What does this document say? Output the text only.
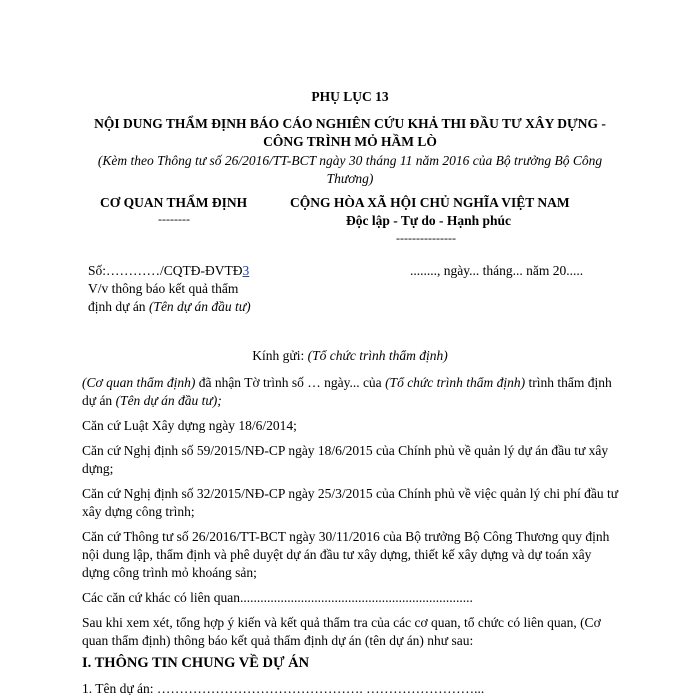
PHỤ LỤC 13
NỘI DUNG THẨM ĐỊNH BÁO CÁO NGHIÊN CỨU KHẢ THI ĐẦU TƯ XÂY DỰNG -
CÔNG TRÌNH MỎ HẦM LÒ
(Kèm theo Thông tư số 26/2016/TT-BCT ngày 30 tháng 11 năm 2016 của Bộ trưởng Bộ Công Thương)
CƠ QUAN THẨM ĐỊNH
--------
CỘNG HÒA XÃ HỘI CHỦ NGHĨA VIỆT NAM
Độc lập - Tự do - Hạnh phúc
---------------
Số:…………/CQTĐ-ĐVTĐ3	........, ngày... tháng... năm 20.....
V/v thông báo kết quả thẩm
định dự án (Tên dự án đầu tư)
Kính gửi: (Tổ chức trình thẩm định)
(Cơ quan thẩm định) đã nhận Tờ trình số … ngày... của (Tổ chức trình thẩm định) trình thẩm định dự án (Tên dự án đầu tư);
Căn cứ Luật Xây dựng ngày 18/6/2014;
Căn cứ Nghị định số 59/2015/NĐ-CP ngày 18/6/2015 của Chính phủ về quản lý dự án đầu tư xây dựng;
Căn cứ Nghị định số 32/2015/NĐ-CP ngày 25/3/2015 của Chính phủ về việc quản lý chi phí đầu tư xây dựng công trình;
Căn cứ Thông tư số 26/2016/TT-BCT ngày 30/11/2016 của Bộ trưởng Bộ Công Thương quy định nội dung lập, thẩm định và phê duyệt dự án đầu tư xây dựng, thiết kế xây dựng và dự toán xây dựng công trình mỏ khoáng sản;
Các căn cứ khác có liên quan.....................................................................
Sau khi xem xét, tổng hợp ý kiến và kết quả thẩm tra của các cơ quan, tổ chức có liên quan, (Cơ quan thẩm định) thông báo kết quả thẩm định dự án (tên dự án) như sau:
I. THÔNG TIN CHUNG VỀ DỰ ÁN
1. Tên dự án: ………………………………………. ……………………...
